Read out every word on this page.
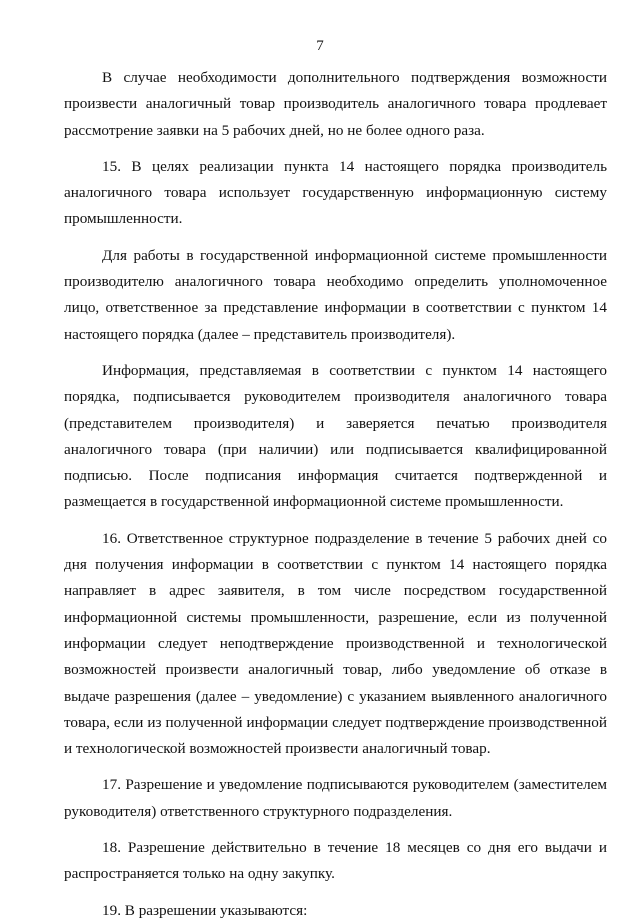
7

В случае необходимости дополнительного подтверждения возможности произвести аналогичный товар производитель аналогичного товара продлевает рассмотрение заявки на 5 рабочих дней, но не более одного раза.

15. В целях реализации пункта 14 настоящего порядка производитель аналогичного товара использует государственную информационную систему промышленности.

Для работы в государственной информационной системе промышленности производителю аналогичного товара необходимо определить уполномоченное лицо, ответственное за представление информации в соответствии с пунктом 14 настоящего порядка (далее – представитель производителя).

Информация, представляемая в соответствии с пунктом 14 настоящего порядка, подписывается руководителем производителя аналогичного товара (представителем производителя) и заверяется печатью производителя аналогичного товара (при наличии) или подписывается квалифицированной подписью. После подписания информация считается подтвержденной и размещается в государственной информационной системе промышленности.

16. Ответственное структурное подразделение в течение 5 рабочих дней со дня получения информации в соответствии с пунктом 14 настоящего порядка направляет в адрес заявителя, в том числе посредством государственной информационной системы промышленности, разрешение, если из полученной информации следует неподтверждение производственной и технологической возможностей произвести аналогичный товар, либо уведомление об отказе в выдаче разрешения (далее – уведомление) с указанием выявленного аналогичного товара, если из полученной информации следует подтверждение производственной и технологической возможностей произвести аналогичный товар.

17. Разрешение и уведомление подписываются руководителем (заместителем руководителя) ответственного структурного подразделения.

18. Разрешение действительно в течение 18 месяцев со дня его выдачи и распространяется только на одну закупку.

19. В разрешении указываются:
